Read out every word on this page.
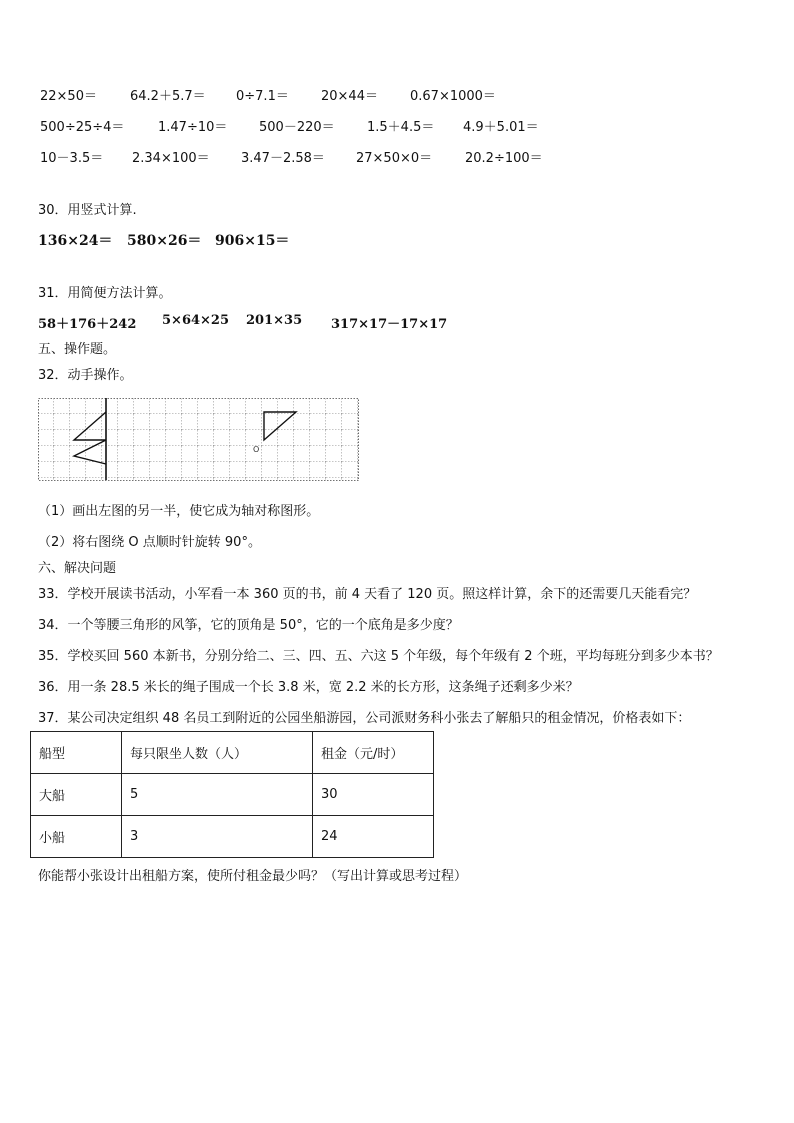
22×50＝	64.2＋5.7＝ 0÷7.1＝ 20×44＝ 0.67×1000＝
500÷25÷4＝	1.47÷10＝ 500－220＝ 1.5＋4.5＝ 4.9＋5.01＝
10－3.5＝ 2.34×100＝ 3.47－2.58＝ 27×50×0＝	20.2÷100＝
30．用竖式计算.
136×24＝ 580×26＝ 906×15＝
31．用简便方法计算。
58＋176＋242 5×64×25 201×35 317×17－17×17
五、操作题。
32．动手操作。
O
（1）画出左图的另一半，使它成为轴对称图形。
（2）将右图绕 O 点顺时针旋转 90°。
六、解决问题
33．学校开展读书活动，小军看一本 360 页的书，前 4 天看了 120 页。照这样计算，余下的还需要几天能看完？
34．一个等腰三角形的风筝，它的顶角是 50°，它的一个底角是多少度？
35．学校买回 560 本新书，分别分给二、三、四、五、六这 5 个年级，每个年级有 2 个班，平均每班分到多少本书？
36．用一条 28.5 米长的绳子围成一个长 3.8 米，宽 2.2 米的长方形，这条绳子还剩多少米？
37．某公司决定组织 48 名员工到附近的公园坐船游园，公司派财务科小张去了解船只的租金情况，价格表如下：
船型	每只限坐人数（人）	租金（元/时）
大船	5	30
小船	3	24
你能帮小张设计出租船方案，使所付租金最少吗？（写出计算或思考过程）
